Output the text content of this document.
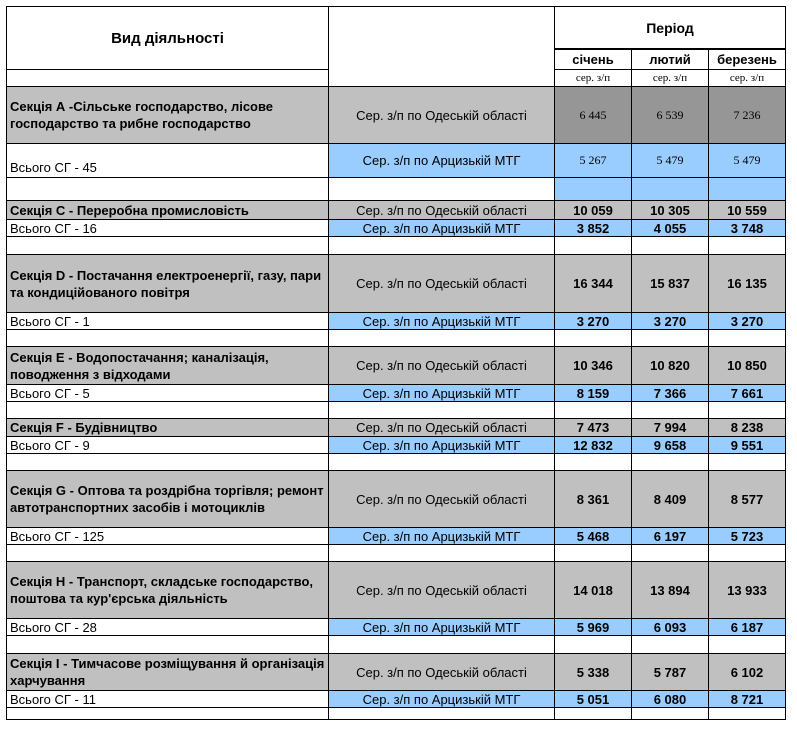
Вид діяльності		Період		

		січень	лютий	березень
		сер. з/п	сер. з/п	сер. з/п
Секція А -Сільське господарство, лісове господарство та рибне господарство	Сер. з/п по Одеській області	6 445	6 539	7 236
Всього СГ - 45	Сер. з/п по Арцизькій МТГ	5 267	5 479	5 479

Секція С - Переробна промисловість	Сер. з/п по Одеській області	10 059	10 305	10 559
Всього СГ - 16	Сер. з/п по Арцизькій МТГ	3 852	4 055	3 748

Секція D - Постачання електроенергії, газу, пари та кондиційованого повітря	Сер. з/п по Одеській області	16 344	15 837	16 135
Всього СГ - 1	Сер. з/п по Арцизькій МТГ	3 270	3 270	3 270

Секція E - Водопостачання; каналізація, поводження з відходами	Сер. з/п по Одеській області	10 346	10 820	10 850
Всього СГ - 5	Сер. з/п по Арцизькій МТГ	8 159	7 366	7 661

Секція F - Будівництво	Сер. з/п по Одеській області	7 473	7 994	8 238
Всього СГ - 9	Сер. з/п по Арцизькій МТГ	12 832	9 658	9 551

Секція G - Оптова та роздрібна торгівля; ремонт автотранспортних засобів і мотоциклів	Сер. з/п по Одеській області	8 361	8 409	8 577
Всього СГ - 125	Сер. з/п по Арцизькій МТГ	5 468	6 197	5 723

Секція H - Транспорт, складське господарство, поштова та кур'єрська діяльність	Сер. з/п по Одеській області	14 018	13 894	13 933
Всього СГ - 28	Сер. з/п по Арцизькій МТГ	5 969	6 093	6 187

Секція I - Тимчасове розміщування й організація харчування	Сер. з/п по Одеській області	5 338	5 787	6 102
Всього СГ - 11	Сер. з/п по Арцизькій МТГ	5 051	6 080	8 721
